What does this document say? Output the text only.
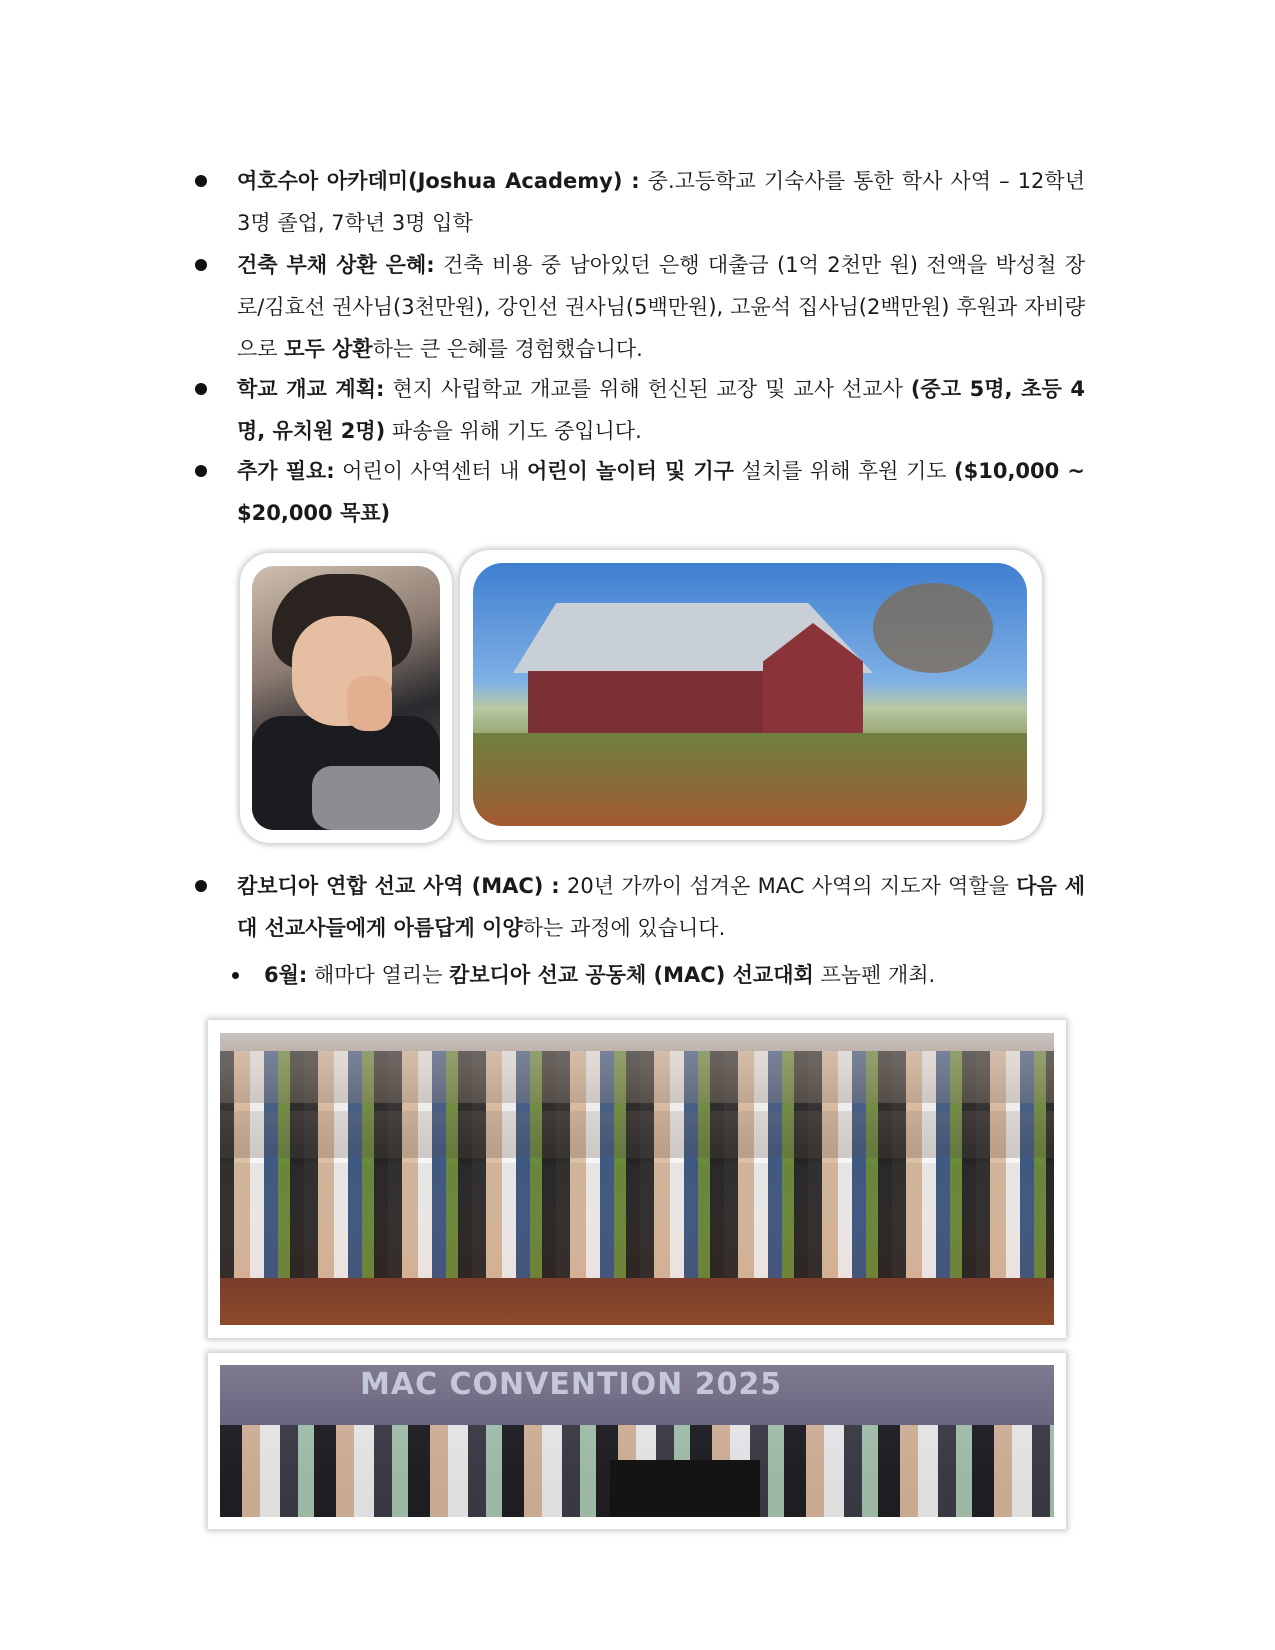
여호수아 아카데미(Joshua Academy) : 중.고등학교 기숙사를 통한 학사 사역 – 12학년 3명 졸업, 7학년 3명 입학
건축 부채 상환 은혜: 건축 비용 중 남아있던 은행 대출금 (1억 2천만 원) 전액을 박성철 장로/김효선 권사님(3천만원), 강인선 권사님(5백만원), 고윤석 집사님(2백만원) 후원과 자비량으로 모두 상환하는 큰 은혜를 경험했습니다.
학교 개교 계획: 현지 사립학교 개교를 위해 헌신된 교장 및 교사 선교사 (중고 5명, 초등 4명, 유치원 2명) 파송을 위해 기도 중입니다.
추가 필요: 어린이 사역센터 내 어린이 놀이터 및 기구 설치를 위해 후원 기도 ($10,000 ~ $20,000 목표)
캄보디아 연합 선교 사역 (MAC) : 20년 가까이 섬겨온 MAC 사역의 지도자 역할을 다음 세대 선교사들에게 아름답게 이양하는 과정에 있습니다.
6월: 해마다 열리는 캄보디아 선교 공동체 (MAC) 선교대회 프놈펜 개최.
MAC CONVENTION 2025
